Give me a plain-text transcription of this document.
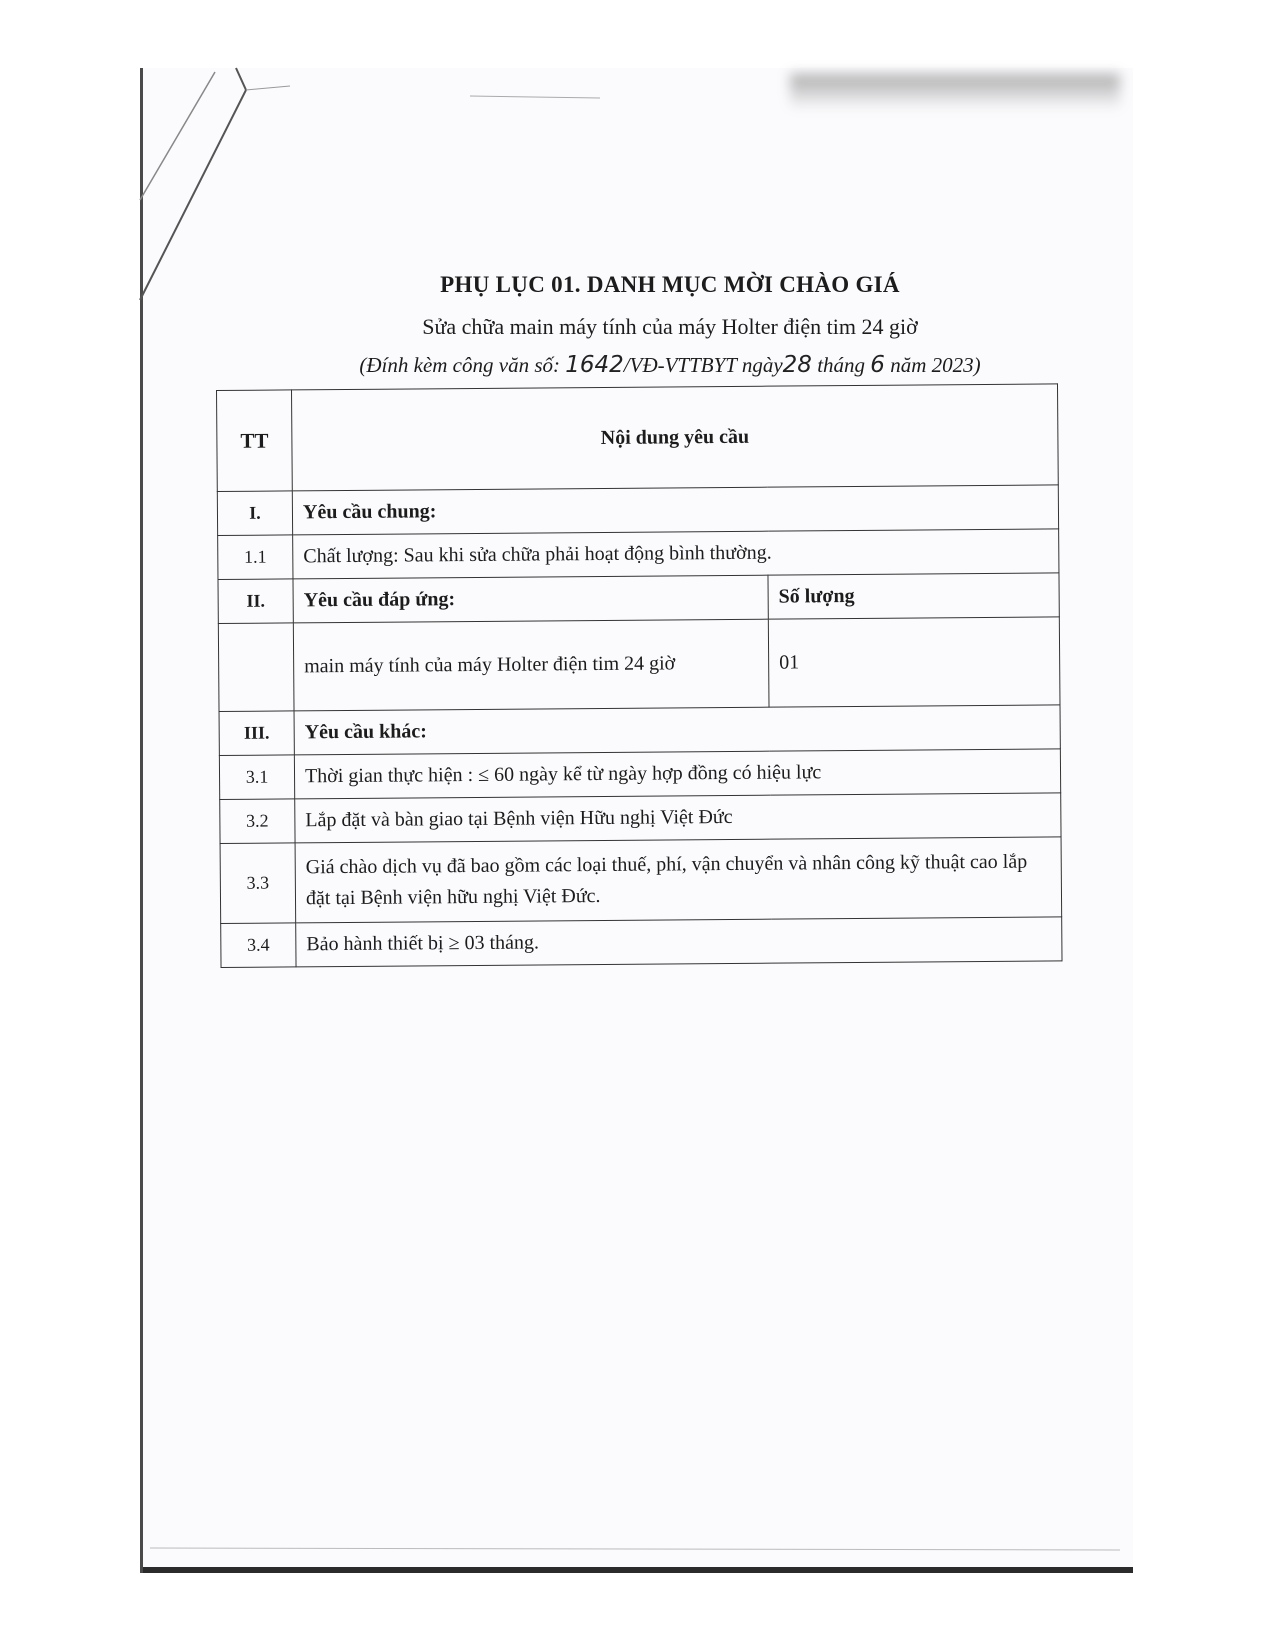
PHỤ LỤC 01. DANH MỤC MỜI CHÀO GIÁ
Sửa chữa main máy tính của máy Holter điện tim 24 giờ
(Đính kèm công văn số: 1642/VĐ-VTTBYT ngày28 tháng 6 năm 2023)
TT	Nội dung yêu cầu	
I.	Yêu cầu chung:	
1.1	Chất lượng: Sau khi sửa chữa phải hoạt động bình thường.	
II.	Yêu cầu đáp ứng:	Số lượng
	main máy tính của máy Holter điện tim 24 giờ	01
III.	Yêu cầu khác:	
3.1	Thời gian thực hiện : ≤ 60 ngày kể từ ngày hợp đồng có hiệu lực	
3.2	Lắp đặt và bàn giao tại Bệnh viện Hữu nghị Việt Đức	
3.3	Giá chào dịch vụ đã bao gồm các loại thuế, phí, vận chuyển và nhân công kỹ thuật cao lắp đặt tại Bệnh viện hữu nghị Việt Đức.	
3.4	Bảo hành thiết bị ≥ 03 tháng.	
